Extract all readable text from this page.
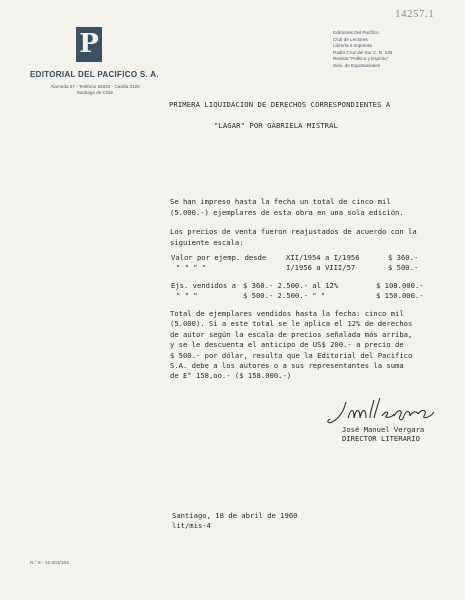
14257.1
P
EDITORIAL DEL PACIFICO S. A.
Alameda 57 - Teléfono 62833 - Casilla 3126
Santiago de Chile
Ediciones Del Pacífico
Club de Lectores
Librería e Imprenta
Radio Cruz del Sur C. B. 138
Revista "Política y Espíritu"
Serv. de Exportaciones
PRIMERA LIQUIDACION DE DERECHOS CORRESPONDIENTES A
"LAGAR" POR GABRIELA MISTRAL
Se han impreso hasta la fecha un total de cinco mil
(5.000.-) ejemplares de esta obra en una sola edición.
Los precios de venta fueron reajustados de acuerdo con la
siguiente escala:
Valor por ejemp. desde	XII/1954 a I/1956	$ 360.-
" " " "	I/1956 a VIII/57	$ 500.-
Ejs. vendidos a $ 360.- 2.500.- al 12%	$ 108.000.-
" " "	$ 500.- 2.500.- " "	$ 150.000.-
Total de ejemplares vendidos hasta la fecha: cinco mil
(5.000). Si a este total se le aplica el 12% de derechos
de autor según la escala de precios señalada más arriba,
y se le descuenta el anticipo de US$ 200.- a precio de
$ 500.- por dólar, resulta que la Editorial del Pacifico
S.A. debe a los autores o a sus representantes la suma
de E° 158,oo.- ($ 158.000.-)
José Manuel Vergara
DIRECTOR LITERARIO
Santiago, 18 de abril de 1960
lit/mis-4
N.º 8 - 12.003/104
